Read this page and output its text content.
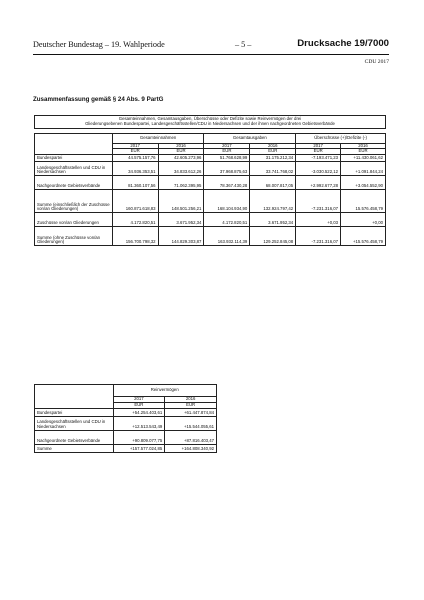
Deutscher Bundestag – 19. Wahlperiode	– 5 –	Drucksache 19/7000
CDU 2017
Zusammenfassung gemäß § 24 Abs. 9 PartG
Gesamteinnahmen, Gesamtausgaben, Überschüsse oder Defizite sowie Reinvermögen der drei
Gliederungsebenen Bundespartei, Landesgeschäftsstellen/CDU in Niedersachsen und der ihnen nachgeordneten Gebietsverbände						

	Gesamteinnahmen		Gesamtausgaben		Überschüsse (+)/Defizite (-)	
	2017	2016	2017	2016	2017	2016
	EUR	EUR	EUR	EUR	EUR	EUR
Bundespartei	44.575.157,76	42.605.273,96	51.768.628,99	31.175.212,34	-7.193.471,23	+11.430.061,62
Landesgeschäftsstellen und CDU in Niedersachsen	34.936.353,51	34.833.612,26	37.968.875,63	33.741.768,02	-3.030.522,12	+1.091.844,24
Nachgeordnete Gebietsverbände	81.360.107,56	71.062.395,95	78.367.430,28	68.007.817,05	+2.992.677,28	+3.054.552,90
Summe (einschließlich der Zuschüsse von/an Gliederungen)	160.871.618,83	148.501.256,21	168.104.934,90	132.924.797,42	-7.231.316,07	15.576.458,79
Zuschüsse von/an Gliederungen	4.172.820,51	3.671.952,34	4.172.820,51	3.671.952,34	+0,03	+0,00
Summe (ohne Zuschüsse von/an Gliederungen)	156.700.798,32	144.829.303,87	163.932.114,39	129.252.845,08	-7.231.316,07	+15.576.458,79
	Reinvermögen	
	2017	2016
	EUR	EUR
Bundespartei	+54.254.403,61	+61.447.874,84
Landesgeschäftsstellen und CDU in Niedersachsen	+12.513.543,49	+15.544.055,61
Nachgeordnete Gebietsverbände	+90.809.077,75	+87.816.403,47
Summe	+157.577.024,85	+164.808.340,92
